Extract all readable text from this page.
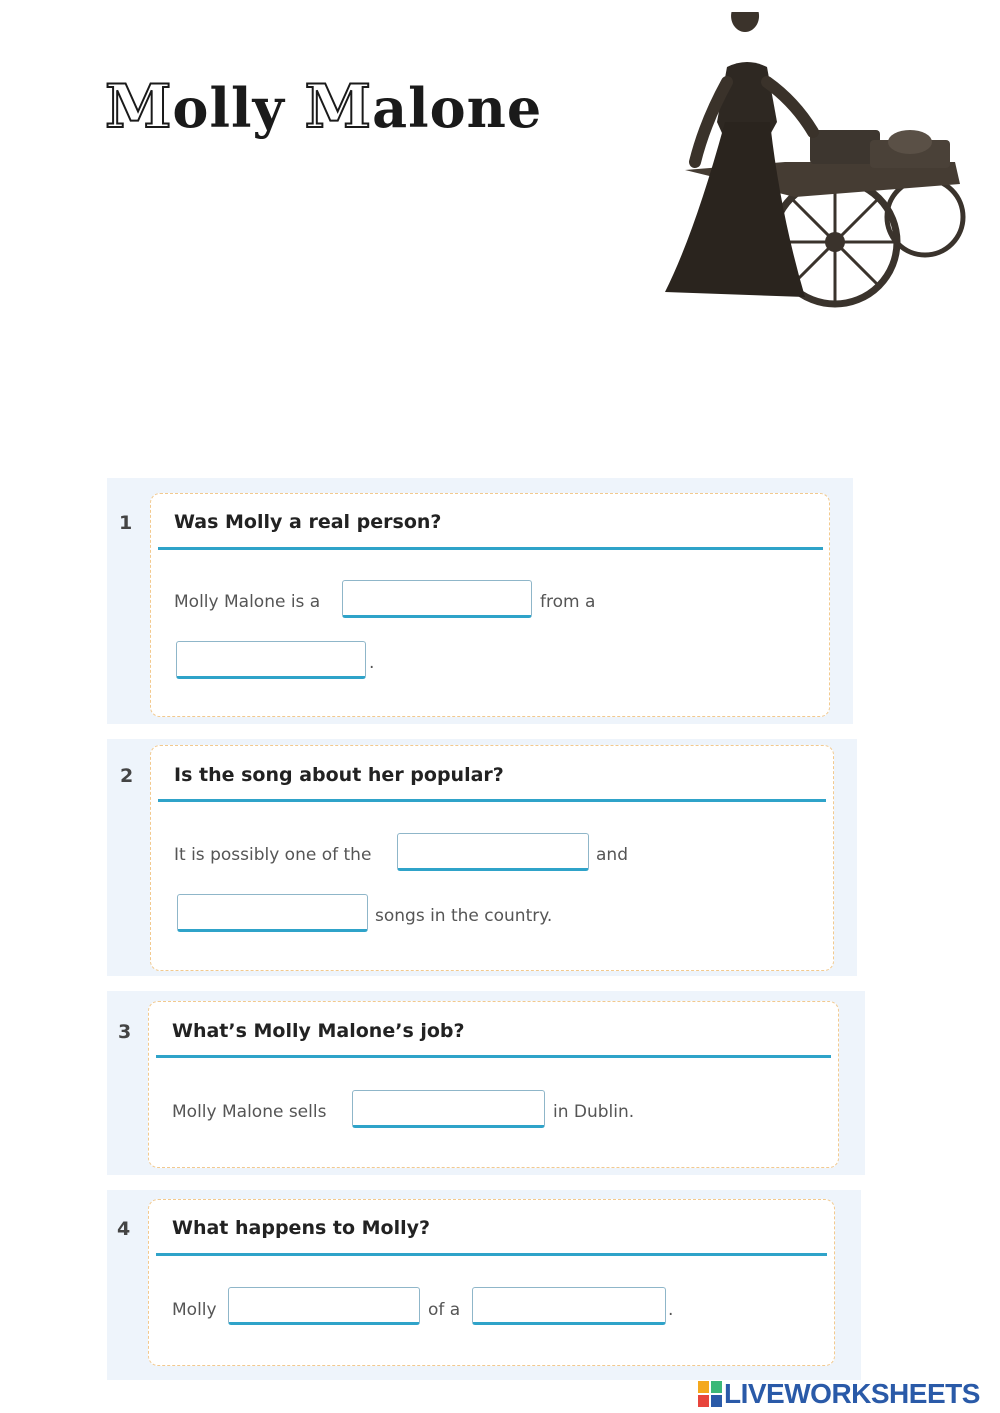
Molly Malone
1 Was Molly a real person?
Molly Malone is a	from a
.
2 Is the song about her popular?
It is possibly one of the	and
songs in the country.
3 What’s Molly Malone’s job?
Molly Malone sells	in Dublin.
4 What happens to Molly?
Molly	of a	.
LIVEWORKSHEETS
